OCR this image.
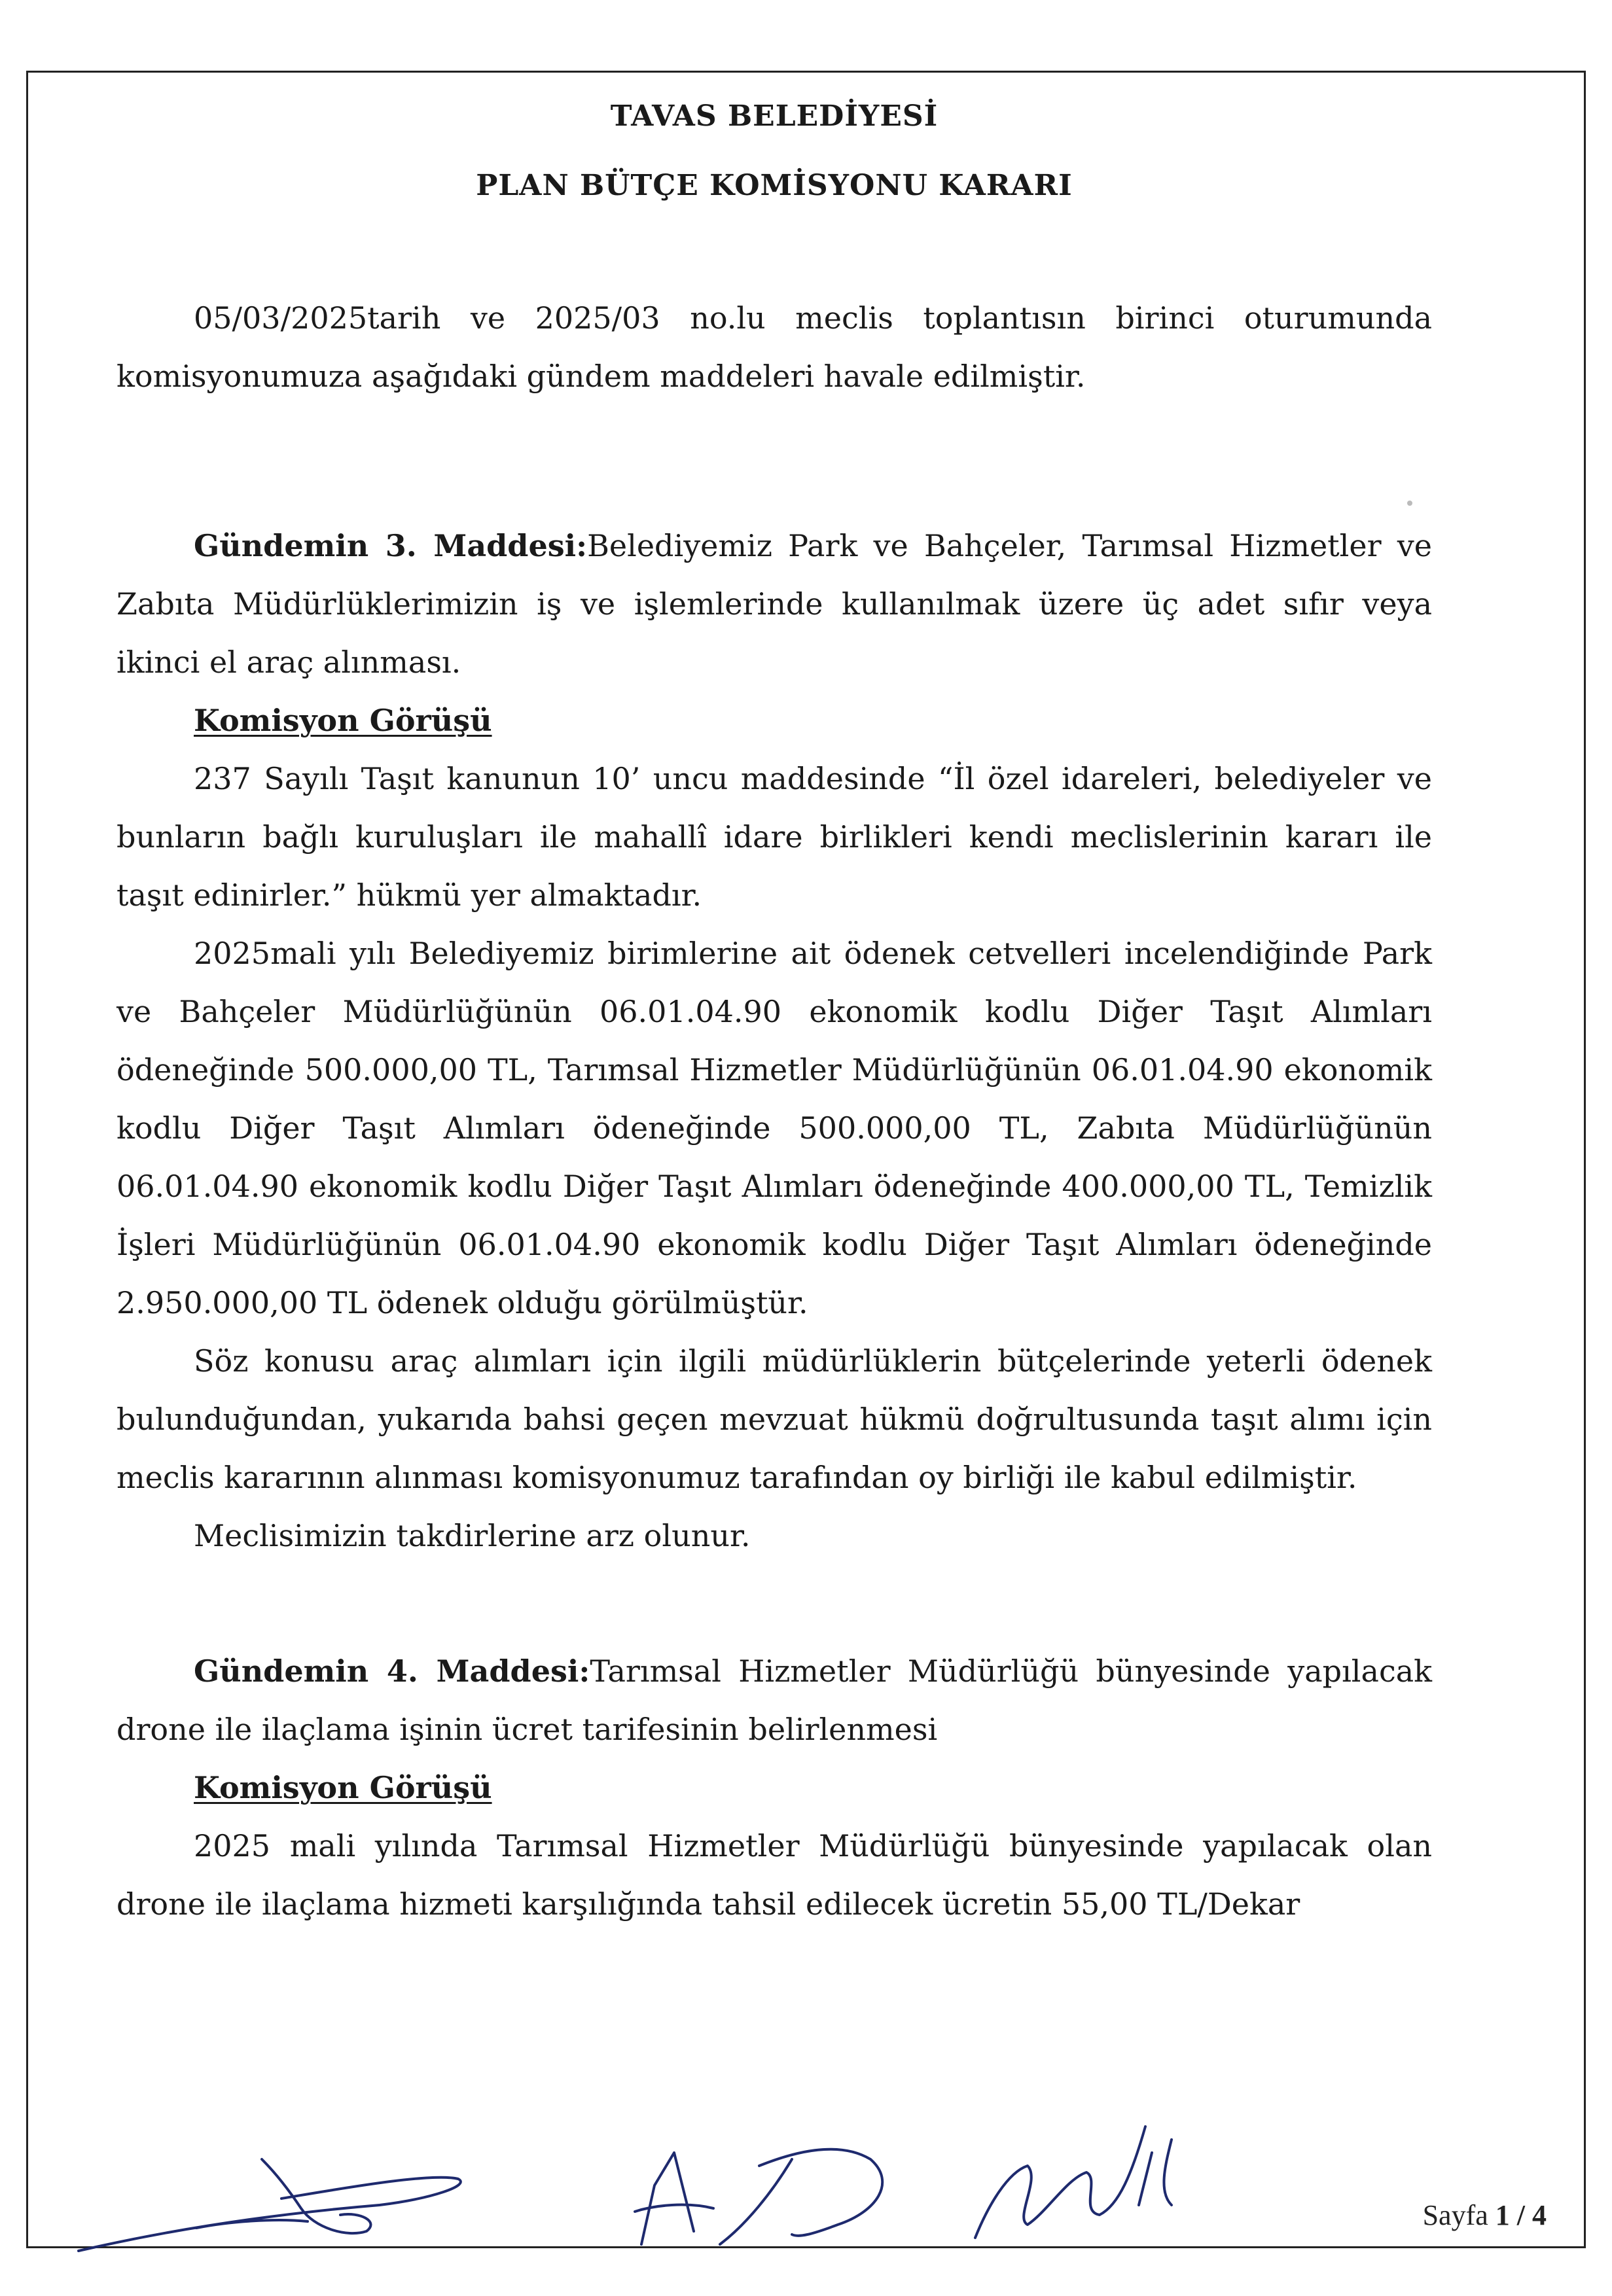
TAVAS BELEDİYESİ

PLAN BÜTÇE KOMİSYONU KARARI

05/03/2025tarih ve 2025/03 no.lu meclis toplantısın birinci oturumunda komisyonumuza aşağıdaki gündem maddeleri havale edilmiştir.

Gündemin 3. Maddesi:Belediyemiz Park ve Bahçeler, Tarımsal Hizmetler ve Zabıta Müdürlüklerimizin iş ve işlemlerinde kullanılmak üzere üç adet sıfır veya ikinci el araç alınması.

Komisyon Görüşü

237 Sayılı Taşıt kanunun 10’ uncu maddesinde “İl özel idareleri, belediyeler ve bunların bağlı kuruluşları ile mahallî idare birlikleri kendi meclislerinin kararı ile taşıt edinirler.” hükmü yer almaktadır.

2025mali yılı Belediyemiz birimlerine ait ödenek cetvelleri incelendiğinde Park ve Bahçeler Müdürlüğünün 06.01.04.90 ekonomik kodlu Diğer Taşıt Alımları ödeneğinde 500.000,00 TL, Tarımsal Hizmetler Müdürlüğünün 06.01.04.90 ekonomik kodlu Diğer Taşıt Alımları ödeneğinde 500.000,00 TL, Zabıta Müdürlüğünün 06.01.04.90 ekonomik kodlu Diğer Taşıt Alımları ödeneğinde 400.000,00 TL, Temizlik İşleri Müdürlüğünün 06.01.04.90 ekonomik kodlu Diğer Taşıt Alımları ödeneğinde 2.950.000,00 TL ödenek olduğu görülmüştür.

Söz konusu araç alımları için ilgili müdürlüklerin bütçelerinde yeterli ödenek bulunduğundan, yukarıda bahsi geçen mevzuat hükmü doğrultusunda taşıt alımı için meclis kararının alınması komisyonumuz tarafından oy birliği ile kabul edilmiştir.

Meclisimizin takdirlerine arz olunur.

Gündemin 4. Maddesi:Tarımsal Hizmetler Müdürlüğü bünyesinde yapılacak drone ile ilaçlama işinin ücret tarifesinin belirlenmesi

Komisyon Görüşü

2025 mali yılında Tarımsal Hizmetler Müdürlüğü bünyesinde yapılacak olan drone ile ilaçlama hizmeti karşılığında tahsil edilecek ücretin 55,00 TL/Dekar

Sayfa 1 / 4
